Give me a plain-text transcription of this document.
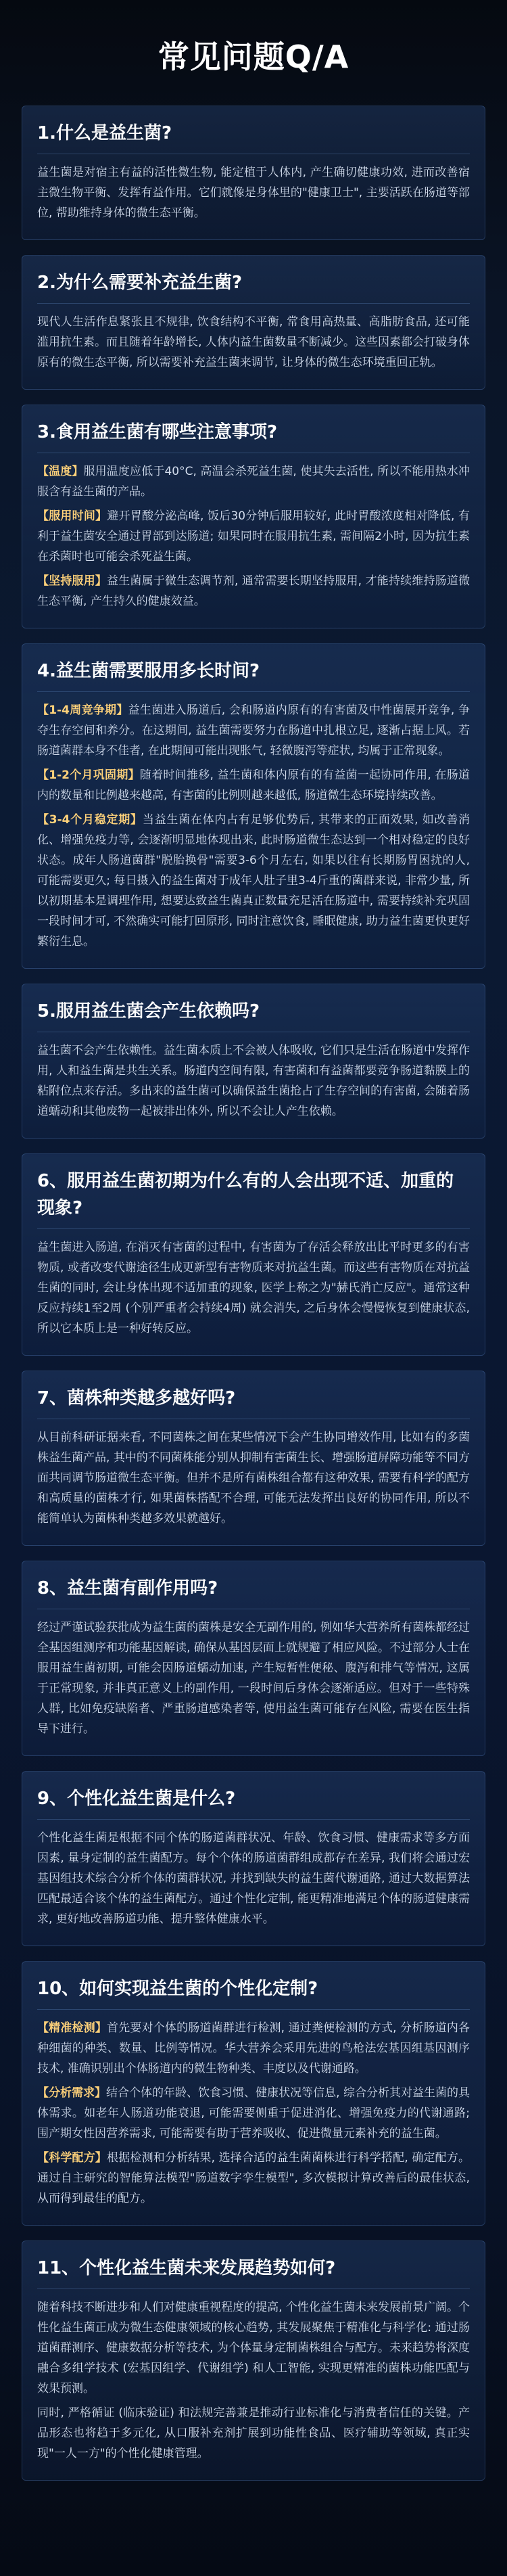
常见问题Q/A
1.什么是益生菌?

益生菌是对宿主有益的活性微生物, 能定植于人体内, 产生确切健康功效, 进而改善宿主微生物平衡、发挥有益作用。它们就像是身体里的"健康卫士", 主要活跃在肠道等部位, 帮助维持身体的微生态平衡。

2.为什么需要补充益生菌?

现代人生活作息紧张且不规律, 饮食结构不平衡, 常食用高热量、高脂肪食品, 还可能滥用抗生素。而且随着年龄增长, 人体内益生菌数量不断减少。这些因素都会打破身体原有的微生态平衡, 所以需要补充益生菌来调节, 让身体的微生态环境重回正轨。

3.食用益生菌有哪些注意事项?

【温度】服用温度应低于40°C, 高温会杀死益生菌, 使其失去活性, 所以不能用热水冲服含有益生菌的产品。

【服用时间】避开胃酸分泌高峰, 饭后30分钟后服用较好, 此时胃酸浓度相对降低, 有利于益生菌安全通过胃部到达肠道; 如果同时在服用抗生素, 需间隔2小时, 因为抗生素在杀菌时也可能会杀死益生菌。

【坚持服用】益生菌属于微生态调节剂, 通常需要长期坚持服用, 才能持续维持肠道微生态平衡, 产生持久的健康效益。

4.益生菌需要服用多长时间?

【1-4周竞争期】益生菌进入肠道后, 会和肠道内原有的有害菌及中性菌展开竞争, 争夺生存空间和养分。在这期间, 益生菌需要努力在肠道中扎根立足, 逐渐占据上风。若肠道菌群本身不佳者, 在此期间可能出现胀气, 轻微腹泻等症状, 均属于正常现象。

【1-2个月巩固期】随着时间推移, 益生菌和体内原有的有益菌一起协同作用, 在肠道内的数量和比例越来越高, 有害菌的比例则越来越低, 肠道微生态环境持续改善。

【3-4个月稳定期】当益生菌在体内占有足够优势后, 其带来的正面效果, 如改善消化、增强免疫力等, 会逐渐明显地体现出来, 此时肠道微生态达到一个相对稳定的良好状态。成年人肠道菌群"脱胎换骨"需要3-6个月左右, 如果以往有长期肠胃困扰的人, 可能需要更久; 每日摄入的益生菌对于成年人肚子里3-4斤重的菌群来说, 非常少量, 所以初期基本是调理作用, 想要达致益生菌真正数量充足活在肠道中, 需要持续补充巩固一段时间才可, 不然确实可能打回原形, 同时注意饮食, 睡眠健康, 助力益生菌更快更好繁衍生息。

5.服用益生菌会产生依赖吗?

益生菌不会产生依赖性。益生菌本质上不会被人体吸收, 它们只是生活在肠道中发挥作用, 人和益生菌是共生关系。肠道内空间有限, 有害菌和有益菌都要竞争肠道黏膜上的粘附位点来存活。多出来的益生菌可以确保益生菌抢占了生存空间的有害菌, 会随着肠道蠕动和其他废物一起被排出体外, 所以不会让人产生依赖。

6、服用益生菌初期为什么有的人会出现不适、加重的现象?

益生菌进入肠道, 在消灭有害菌的过程中, 有害菌为了存活会释放出比平时更多的有害物质, 或者改变代谢途径生成更新型有害物质来对抗益生菌。而这些有害物质在对抗益生菌的同时, 会让身体出现不适加重的现象, 医学上称之为"赫氏消亡反应"。通常这种反应持续1至2周 (个别严重者会持续4周) 就会消失, 之后身体会慢慢恢复到健康状态, 所以它本质上是一种好转反应。

7、菌株种类越多越好吗?

从目前科研证据来看, 不同菌株之间在某些情况下会产生协同增效作用, 比如有的多菌株益生菌产品, 其中的不同菌株能分别从抑制有害菌生长、增强肠道屏障功能等不同方面共同调节肠道微生态平衡。但并不是所有菌株组合都有这种效果, 需要有科学的配方和高质量的菌株才行, 如果菌株搭配不合理, 可能无法发挥出良好的协同作用, 所以不能简单认为菌株种类越多效果就越好。

8、益生菌有副作用吗?

经过严谨试验获批成为益生菌的菌株是安全无副作用的, 例如华大营养所有菌株都经过全基因组测序和功能基因解读, 确保从基因层面上就规避了相应风险。不过部分人士在服用益生菌初期, 可能会因肠道蠕动加速, 产生短暂性便秘、腹泻和排气等情况, 这属于正常现象, 并非真正意义上的副作用, 一段时间后身体会逐渐适应。但对于一些特殊人群, 比如免疫缺陷者、严重肠道感染者等, 使用益生菌可能存在风险, 需要在医生指导下进行。

9、个性化益生菌是什么?

个性化益生菌是根据不同个体的肠道菌群状况、年龄、饮食习惯、健康需求等多方面因素, 量身定制的益生菌配方。每个个体的肠道菌群组成都存在差异, 我们将会通过宏基因组技术综合分析个体的菌群状况, 并找到缺失的益生菌代谢通路, 通过大数据算法匹配最适合该个体的益生菌配方。通过个性化定制, 能更精准地满足个体的肠道健康需求, 更好地改善肠道功能、提升整体健康水平。

10、如何实现益生菌的个性化定制?

【精准检测】首先要对个体的肠道菌群进行检测, 通过粪便检测的方式, 分析肠道内各种细菌的种类、数量、比例等情况。华大营养会采用先进的鸟枪法宏基因组基因测序技术, 准确识别出个体肠道内的微生物种类、丰度以及代谢通路。

【分析需求】结合个体的年龄、饮食习惯、健康状况等信息, 综合分析其对益生菌的具体需求。如老年人肠道功能衰退, 可能需要侧重于促进消化、增强免疫力的代谢通路; 围产期女性因营养需求, 可能需要有助于营养吸收、促进微量元素补充的益生菌。

【科学配方】根据检测和分析结果, 选择合适的益生菌菌株进行科学搭配, 确定配方。通过自主研究的智能算法模型"肠道数字孪生模型", 多次模拟计算改善后的最佳状态, 从而得到最佳的配方。

11、个性化益生菌未来发展趋势如何?

随着科技不断进步和人们对健康重视程度的提高, 个性化益生菌未来发展前景广阔。个性化益生菌正成为微生态健康领域的核心趋势, 其发展聚焦于精准化与科学化: 通过肠道菌群测序、健康数据分析等技术, 为个体量身定制菌株组合与配方。未来趋势将深度融合多组学技术 (宏基因组学、代谢组学) 和人工智能, 实现更精准的菌株功能匹配与效果预测。

同时, 严格循证 (临床验证) 和法规完善兼是推动行业标准化与消费者信任的关键。产品形态也将趋于多元化, 从口服补充剂扩展到功能性食品、医疗辅助等领域, 真正实现"一人一方"的个性化健康管理。
